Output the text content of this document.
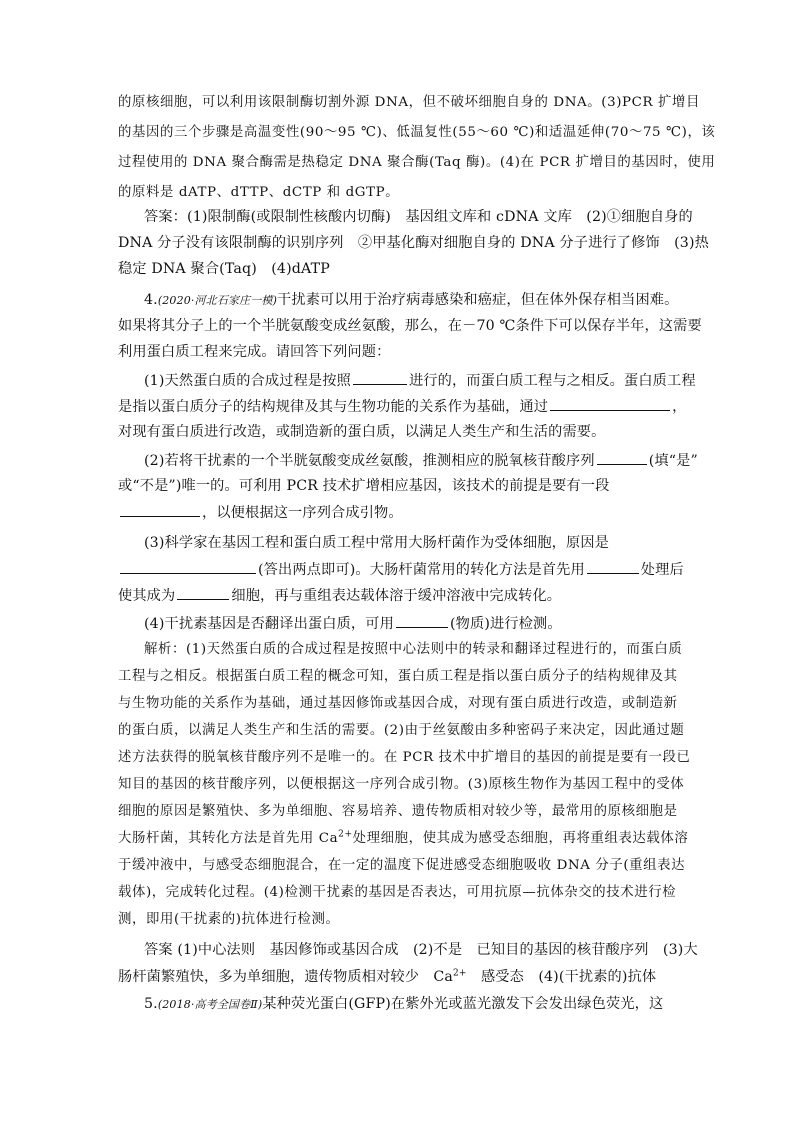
的原核细胞，可以利用该限制酶切割外源 DNA，但不破坏细胞自身的 DNA。(3)PCR 扩增目
的基因的三个步骤是高温变性(90～95 ℃)、低温复性(55～60 ℃)和适温延伸(70～75 ℃)，该
过程使用的 DNA 聚合酶需是热稳定 DNA 聚合酶(Taq 酶)。(4)在 PCR 扩增目的基因时，使用
的原料是 dATP、dTTP、dCTP 和 dGTP。
答案：(1)限制酶(或限制性核酸内切酶)　基因组文库和 cDNA 文库　(2)①细胞自身的
DNA 分子没有该限制酶的识别序列　②甲基化酶对细胞自身的 DNA 分子进行了修饰　(3)热
稳定 DNA 聚合(Taq)　(4)dATP
4.(2020·河北石家庄一模)干扰素可以用于治疗病毒感染和癌症，但在体外保存相当困难。
如果将其分子上的一个半胱氨酸变成丝氨酸，那么，在－70 ℃条件下可以保存半年，这需要
利用蛋白质工程来完成。请回答下列问题：
(1)天然蛋白质的合成过程是按照	进行的，而蛋白质工程与之相反。蛋白质工程
是指以蛋白质分子的结构规律及其与生物功能的关系作为基础，通过	，
对现有蛋白质进行改造，或制造新的蛋白质，以满足人类生产和生活的需要。
(2)若将干扰素的一个半胱氨酸变成丝氨酸，推测相应的脱氧核苷酸序列	(填“是”
或“不是”)唯一的。可利用 PCR 技术扩增相应基因，该技术的前提是要有一段
，以便根据这一序列合成引物。
(3)科学家在基因工程和蛋白质工程中常用大肠杆菌作为受体细胞，原因是
(答出两点即可)。大肠杆菌常用的转化方法是首先用	处理后
使其成为	细胞，再与重组表达载体溶于缓冲溶液中完成转化。
(4)干扰素基因是否翻译出蛋白质，可用	(物质)进行检测。
解析：(1)天然蛋白质的合成过程是按照中心法则中的转录和翻译过程进行的，而蛋白质
工程与之相反。根据蛋白质工程的概念可知，蛋白质工程是指以蛋白质分子的结构规律及其
与生物功能的关系作为基础，通过基因修饰或基因合成，对现有蛋白质进行改造，或制造新
的蛋白质，以满足人类生产和生活的需要。(2)由于丝氨酸由多种密码子来决定，因此通过题
述方法获得的脱氧核苷酸序列不是唯一的。在 PCR 技术中扩增目的基因的前提是要有一段已
知目的基因的核苷酸序列，以便根据这一序列合成引物。(3)原核生物作为基因工程中的受体
细胞的原因是繁殖快、多为单细胞、容易培养、遗传物质相对较少等，最常用的原核细胞是
大肠杆菌，其转化方法是首先用 $Ca^{2+}$处理细胞，使其成为感受态细胞，再将重组表达载体溶
于缓冲液中，与感受态细胞混合，在一定的温度下促进感受态细胞吸收 DNA 分子(重组表达
载体)，完成转化过程。(4)检测干扰素的基因是否表达，可用抗原—抗体杂交的技术进行检
测，即用(干扰素的)抗体进行检测。
答案 (1)中心法则　基因修饰或基因合成　(2)不是　已知目的基因的核苷酸序列　(3)大
肠杆菌繁殖快，多为单细胞，遗传物质相对较少　$Ca^{2+}$　感受态　(4)(干扰素的)抗体
5.(2018·高考全国卷Ⅱ)某种荧光蛋白(GFP)在紫外光或蓝光激发下会发出绿色荧光，这
